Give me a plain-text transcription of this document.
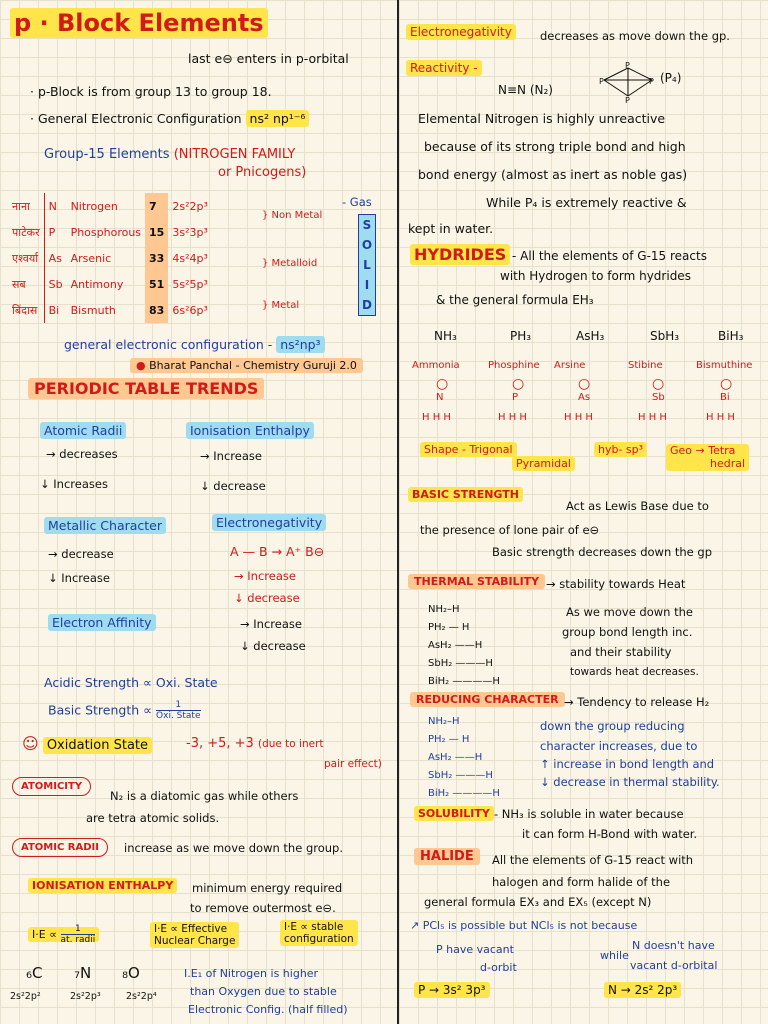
p · Block Elements
last e⊖ enters in p-orbital
· p-Block is from group 13 to group 18.
· General Electronic Configuration ns² np¹⁻⁶
Group-15 Elements (NITROGEN FAMILY
or Pnicogens)
नाना	N	Nitrogen	7	2s²2p³
पाटेकर	P	Phosphorous	15	3s²3p³
एश्वर्या	As	Arsenic	33	4s²4p³
सब	Sb	Antimony	51	5s²5p³
बिंदास	Bi	Bismuth	83	6s²6p³
- Gas
} Non Metal
} Metalloid
} Metal
S
O
L
I
D
general electronic configuration - ns²np³
● Bharat Panchal - Chemistry Guruji 2.0
PERIODIC TABLE TRENDS
Atomic Radii
→ decreases
↓ Increases
Ionisation Enthalpy
→ Increase
↓ decrease
Metallic Character
→ decrease
↓ Increase
Electronegativity
A — B → A⁺ B⊖
→ Increase
↓ decrease
Electron Affinity	→ Increase
↓ decrease
Acidic Strength ∝ Oxi. State
Basic Strength ∝ $\frac{1}{\text{Oxi. State}}$
☺ Oxidation State	-3, +5, +3 (due to inert
pair effect)
ATOMICITY
N₂ is a diatomic gas while others
are tetra atomic solids.
ATOMIC RADII	increase as we move down the group.
IONISATION ENTHALPY	minimum energy required
to remove outermost e⊖.
$I\cdot E \propto \frac{1}{\text{at. radii}}$	I·E ∝ Effective
Nuclear Charge
I·E ∝ stable
configuration
₆C ₇N ₈O
2s²2p²	2s²2p³	2s²2p⁴
I.E₁ of Nitrogen is higher
than Oxygen due to stable
Electronic Config. (half filled)
Electronegativity	decreases as move down the gp.
Reactivity -
N≡N (N₂)
P
P
P
P
(P₄)
Elemental Nitrogen is highly unreactive
because of its strong triple bond and high
bond energy (almost as inert as noble gas)
While P₄ is extremely reactive &
kept in water.
HYDRIDES - All the elements of G-15 reacts
with Hydrogen to form hydrides
& the general formula EH₃
NH₃
Ammonia
○
N
H H H
PH₃
Phosphine
○
P
H H H
AsH₃
Arsine
○
As
H H H
SbH₃
Stibine
○
Sb
H H H
BiH₃
Bismuthine
○
Bi
H H H
Shape - Trigonal
Pyramidal
hyb- sp³	Geo → Tetra
hedral
BASIC STRENGTH
Act as Lewis Base due to
the presence of lone pair of e⊖
Basic strength decreases down the gp
THERMAL STABILITY → stability towards Heat
NH₂–H
PH₂ — H
AsH₂ ——H
SbH₂ ———H
BiH₂ ————H
As we move down the
group bond length inc.
and their stability
towards heat decreases.
REDUCING CHARACTER → Tendency to release H₂
NH₂–H
PH₂ — H
AsH₂ ——H
SbH₂ ———H
BiH₂ ————H
down the group reducing
character increases, due to
↑ increase in bond length and
↓ decrease in thermal stability.
SOLUBILITY - NH₃ is soluble in water because
it can form H-Bond with water.
HALIDE	All the elements of G-15 react with
halogen and form halide of the
general formula EX₃ and EX₅ (except N)
↗ PCl₅ is possible but NCl₅ is not because
P have vacant
d-orbit
while
N doesn't have
vacant d-orbital
P → 3s² 3p³	N → 2s² 2p³
